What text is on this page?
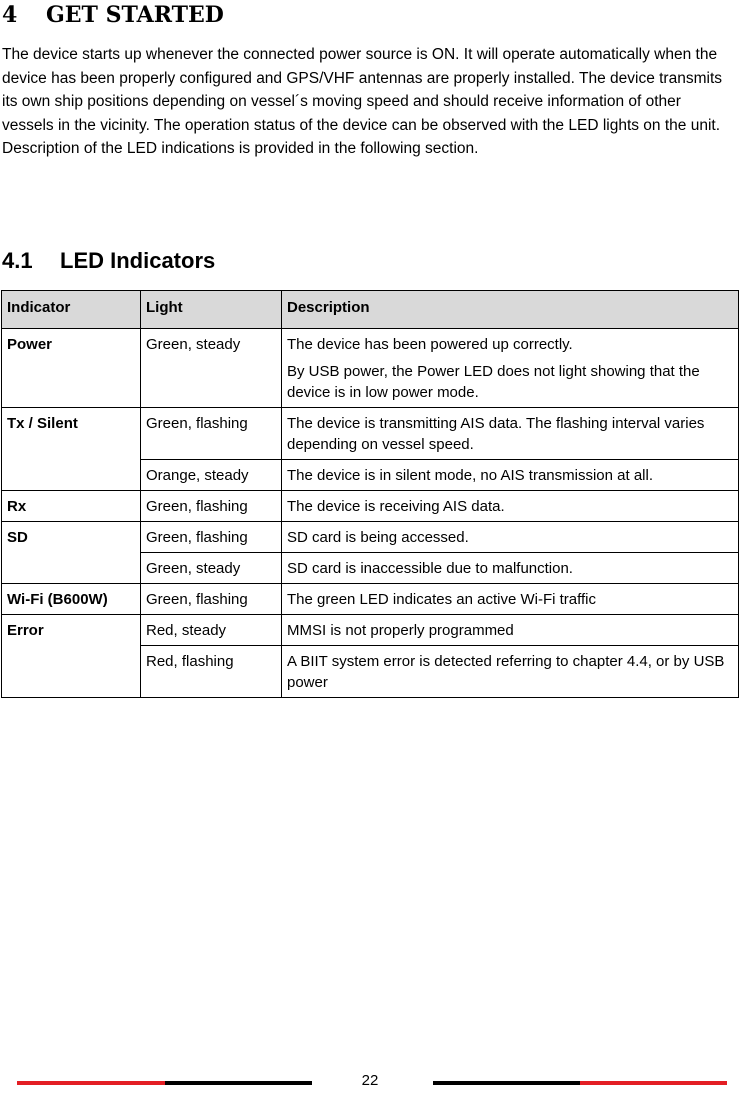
4 GET STARTED

The device starts up whenever the connected power source is ON. It will operate automatically when the device has been properly configured and GPS/VHF antennas are properly installed. The device transmits its own ship positions depending on vessel´s moving speed and should receive information of other vessels in the vicinity. The operation status of the device can be observed with the LED lights on the unit. Description of the LED indications is provided in the following section.

4.1 LED Indicators
Indicator	Light	Description
Power	Green, steady	The device has been powered up correctly.

By USB power, the Power LED does not light showing that the device is in low power mode.

Tx / Silent	Green, flashing	The device is transmitting AIS data. The flashing interval varies depending on vessel speed.
	Orange, steady	The device is in silent mode, no AIS transmission at all.
Rx	Green, flashing	The device is receiving AIS data.
SD	Green, flashing	SD card is being accessed.
	Green, steady	SD card is inaccessible due to malfunction.
Wi-Fi (B600W)	Green, flashing	The green LED indicates an active Wi-Fi traffic
Error	Red, steady	MMSI is not properly programmed
	Red, flashing	A BIIT system error is detected referring to chapter 4.4, or by USB power
22
